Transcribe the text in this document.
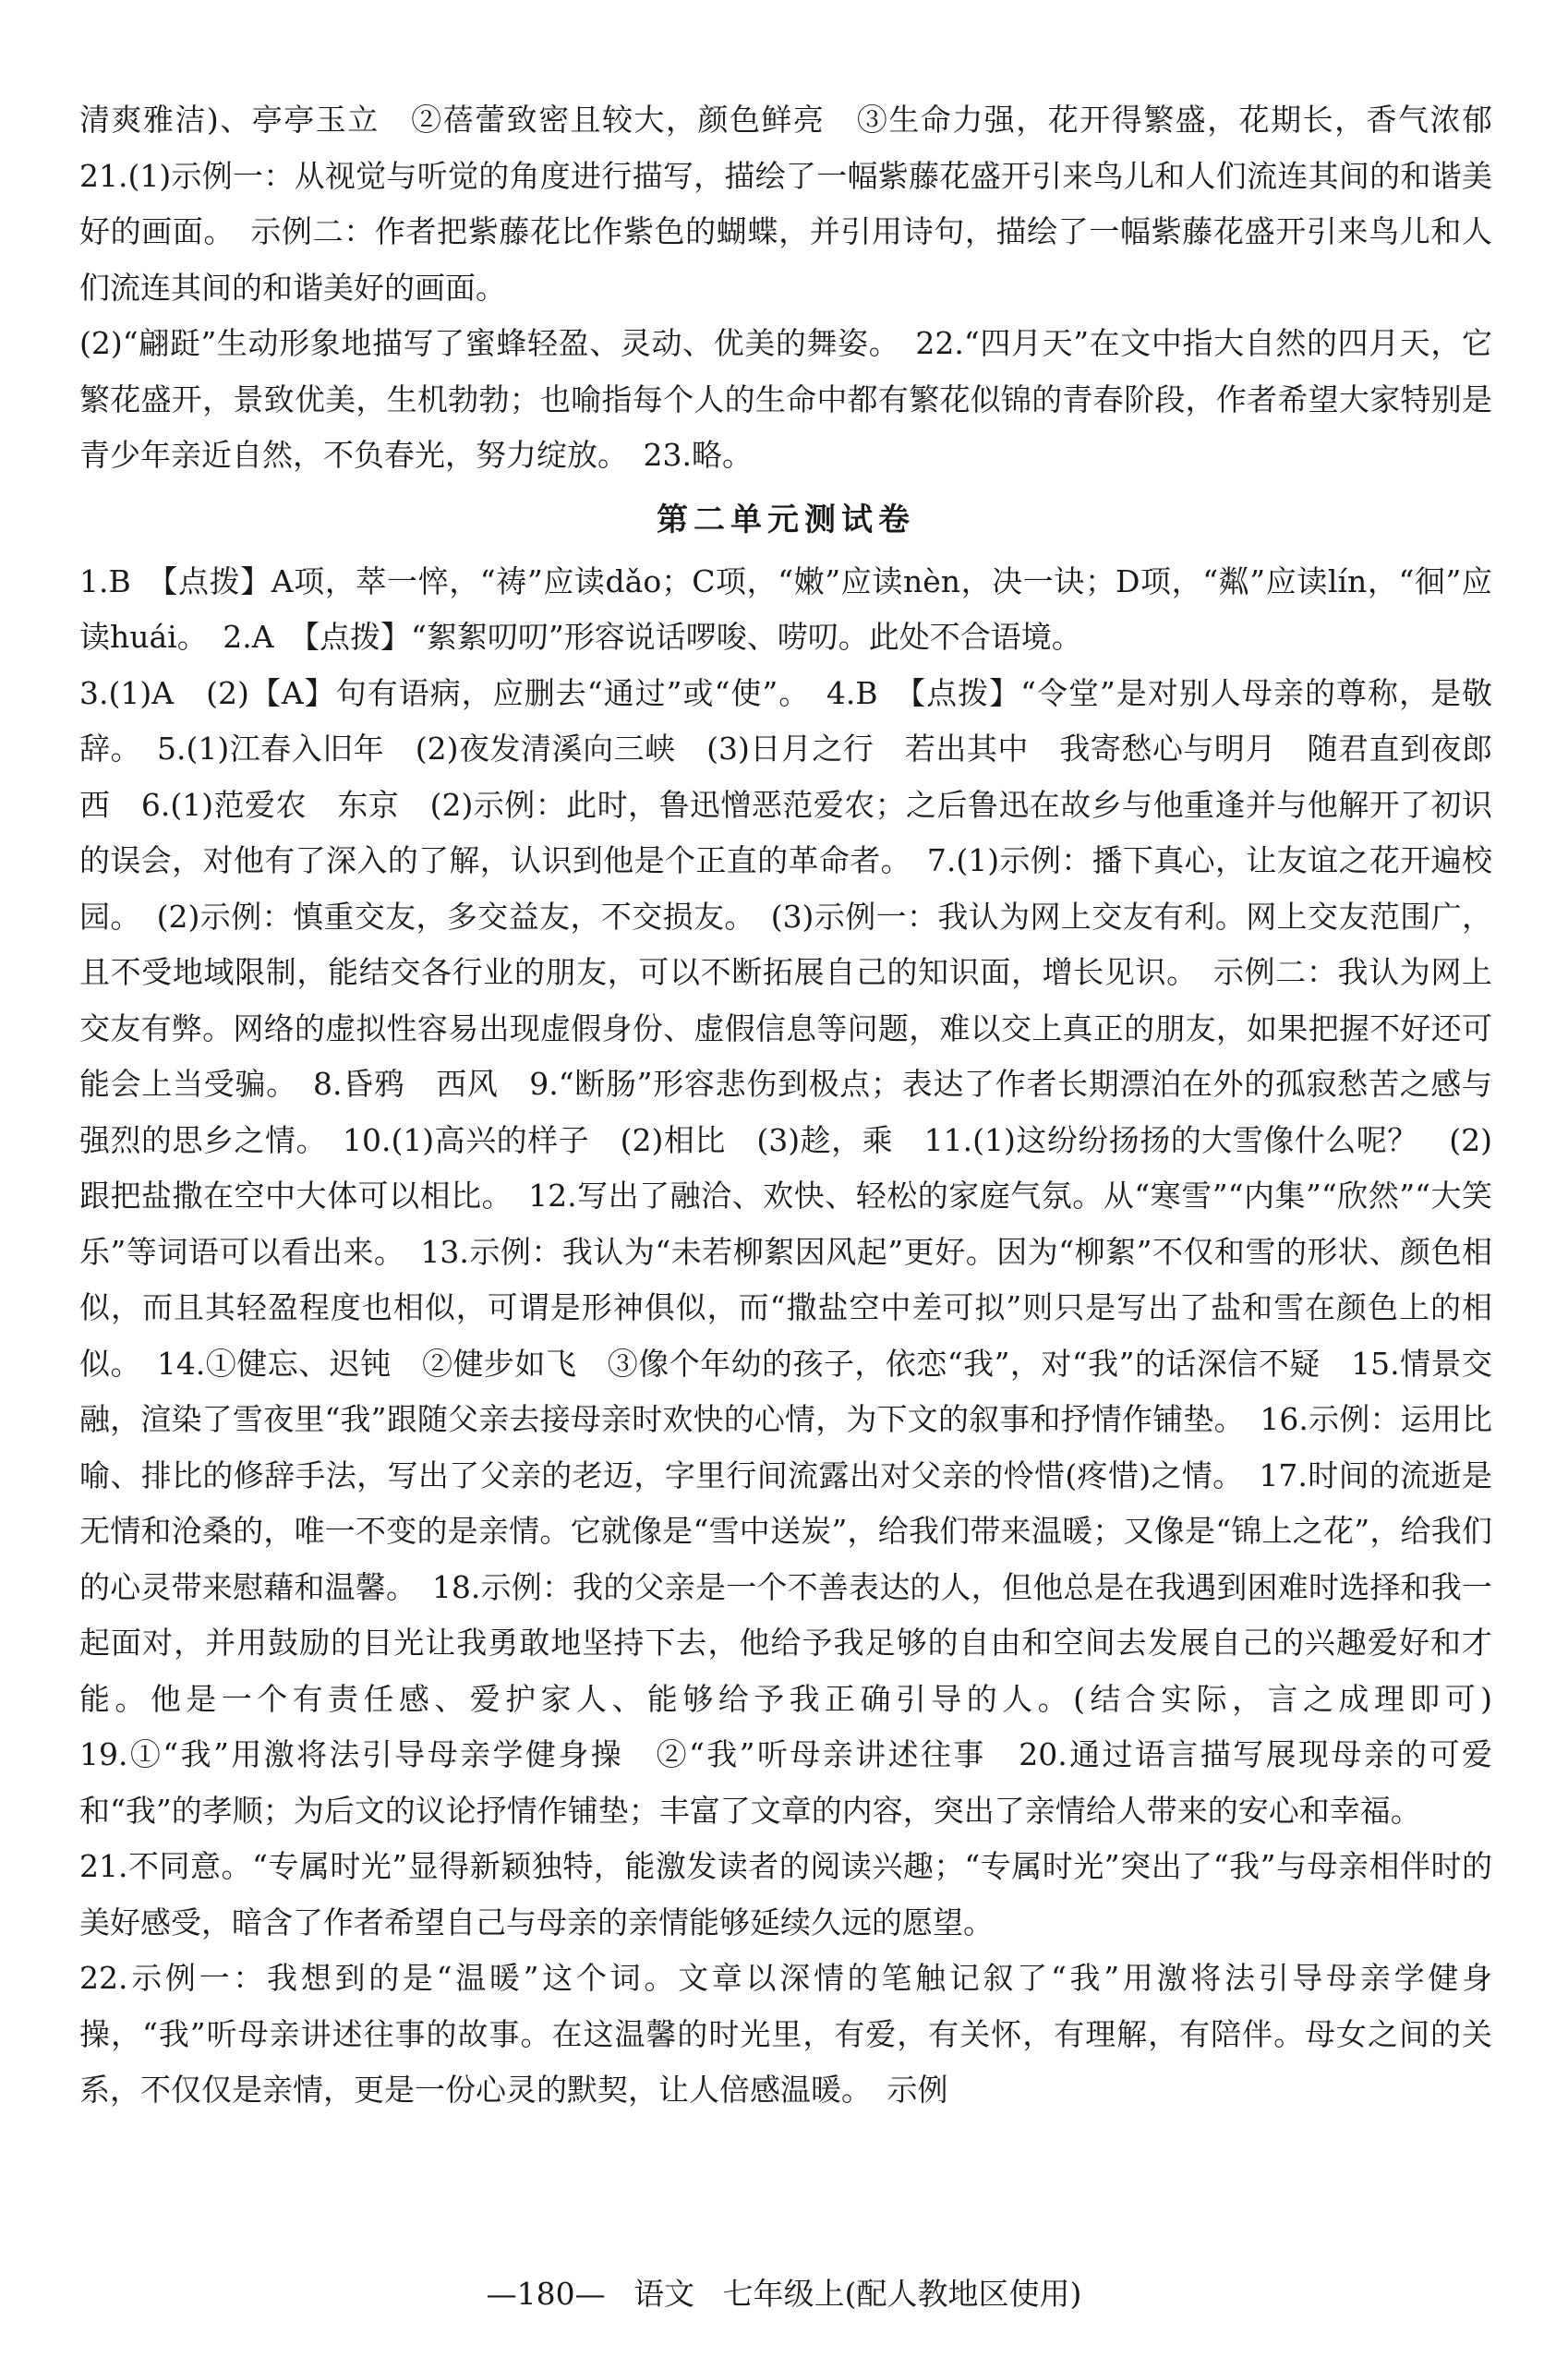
清爽雅洁)、亭亭玉立　②蓓蕾致密且较大，颜色鲜亮　③生命力强，花开得繁盛，花期长，香气浓郁　21.(1)示例一：从视觉与听觉的角度进行描写，描绘了一幅紫藤花盛开引来鸟儿和人们流连其间的和谐美好的画面。　示例二：作者把紫藤花比作紫色的蝴蝶，并引用诗句，描绘了一幅紫藤花盛开引来鸟儿和人们流连其间的和谐美好的画面。

(2)“翩跹”生动形象地描写了蜜蜂轻盈、灵动、优美的舞姿。　22.“四月天”在文中指大自然的四月天，它繁花盛开，景致优美，生机勃勃；也喻指每个人的生命中都有繁花似锦的青春阶段，作者希望大家特别是青少年亲近自然，不负春光，努力绽放。　23.略。

第二单元测试卷

1.B　【点拨】A项，萃一悴，“祷”应读dǎo；C项，“嫩”应读nèn，决一诀；D项，“粼”应读lín，“徊”应读huái。　2.A　【点拨】“絮絮叨叨”形容说话啰唆、唠叨。此处不合语境。

3.(1)A　(2)【A】句有语病，应删去“通过”或“使”。　4.B　【点拨】“令堂”是对别人母亲的尊称，是敬辞。　5.(1)江春入旧年　(2)夜发清溪向三峡　(3)日月之行　若出其中　我寄愁心与明月　随君直到夜郎西　6.(1)范爱农　东京　(2)示例：此时，鲁迅憎恶范爱农；之后鲁迅在故乡与他重逢并与他解开了初识的误会，对他有了深入的了解，认识到他是个正直的革命者。　7.(1)示例：播下真心，让友谊之花开遍校园。　(2)示例：慎重交友，多交益友，不交损友。　(3)示例一：我认为网上交友有利。网上交友范围广，且不受地域限制，能结交各行业的朋友，可以不断拓展自己的知识面，增长见识。　示例二：我认为网上交友有弊。网络的虚拟性容易出现虚假身份、虚假信息等问题，难以交上真正的朋友，如果把握不好还可能会上当受骗。　8.昏鸦　西风　9.“断肠”形容悲伤到极点；表达了作者长期漂泊在外的孤寂愁苦之感与强烈的思乡之情。　10.(1)高兴的样子　(2)相比　(3)趁，乘　11.(1)这纷纷扬扬的大雪像什么呢？　(2)跟把盐撒在空中大体可以相比。　12.写出了融洽、欢快、轻松的家庭气氛。从“寒雪”“内集”“欣然”“大笑乐”等词语可以看出来。　13.示例：我认为“未若柳絮因风起”更好。因为“柳絮”不仅和雪的形状、颜色相似，而且其轻盈程度也相似，可谓是形神俱似，而“撒盐空中差可拟”则只是写出了盐和雪在颜色上的相似。　14.①健忘、迟钝　②健步如飞　③像个年幼的孩子，依恋“我”，对“我”的话深信不疑　15.情景交融，渲染了雪夜里“我”跟随父亲去接母亲时欢快的心情，为下文的叙事和抒情作铺垫。　16.示例：运用比喻、排比的修辞手法，写出了父亲的老迈，字里行间流露出对父亲的怜惜(疼惜)之情。　17.时间的流逝是无情和沧桑的，唯一不变的是亲情。它就像是“雪中送炭”，给我们带来温暖；又像是“锦上之花”，给我们的心灵带来慰藉和温馨。　18.示例：我的父亲是一个不善表达的人，但他总是在我遇到困难时选择和我一起面对，并用鼓励的目光让我勇敢地坚持下去，他给予我足够的自由和空间去发展自己的兴趣爱好和才能。他是一个有责任感、爱护家人、能够给予我正确引导的人。(结合实际，言之成理即可)　19.①“我”用激将法引导母亲学健身操　②“我”听母亲讲述往事　20.通过语言描写展现母亲的可爱和“我”的孝顺；为后文的议论抒情作铺垫；丰富了文章的内容，突出了亲情给人带来的安心和幸福。

21.不同意。“专属时光”显得新颖独特，能激发读者的阅读兴趣；“专属时光”突出了“我”与母亲相伴时的美好感受，暗含了作者希望自己与母亲的亲情能够延续久远的愿望。

22.示例一：我想到的是“温暖”这个词。文章以深情的笔触记叙了“我”用激将法引导母亲学健身操，“我”听母亲讲述往事的故事。在这温馨的时光里，有爱，有关怀，有理解，有陪伴。母女之间的关系，不仅仅是亲情，更是一份心灵的默契，让人倍感温暖。　示例

—180— 语文 七年级上(配人教地区使用)
